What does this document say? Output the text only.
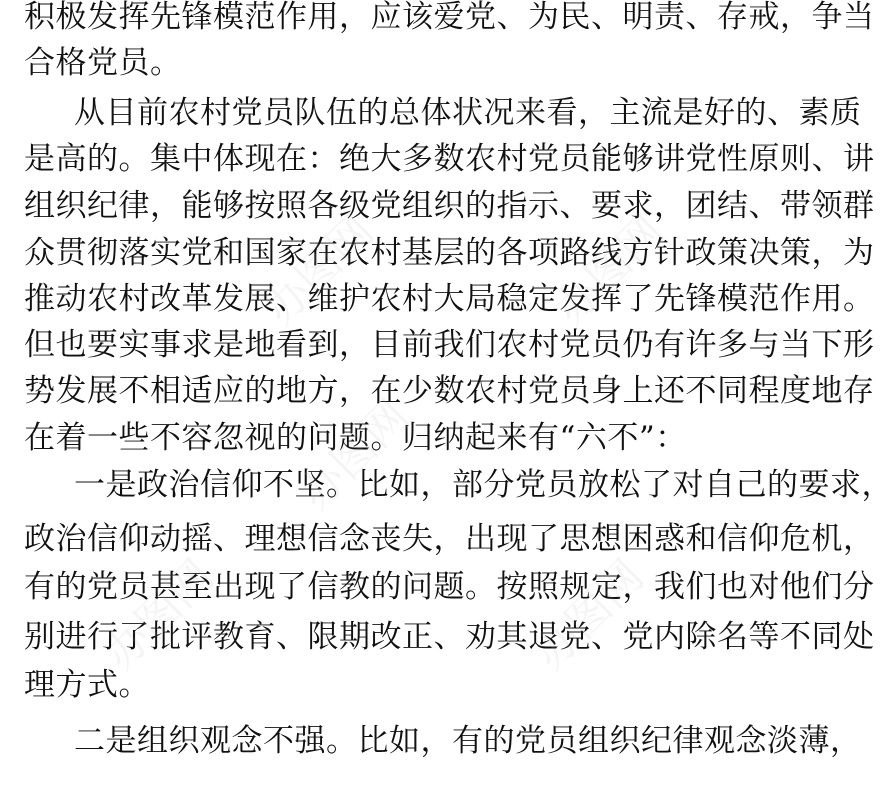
积极发挥先锋模范作用，应该爱党、为民、明责、存戒，争当
合格党员。
从目前农村党员队伍的总体状况来看，主流是好的、素质
是高的。集中体现在：绝大多数农村党员能够讲党性原则、讲
组织纪律，能够按照各级党组织的指示、要求，团结、带领群
众贯彻落实党和国家在农村基层的各项路线方针政策决策，为
推动农村改革发展、维护农村大局稳定发挥了先锋模范作用。
但也要实事求是地看到，目前我们农村党员仍有许多与当下形
势发展不相适应的地方，在少数农村党员身上还不同程度地存
在着一些不容忽视的问题。归纳起来有“六不”：
一是政治信仰不坚。比如，部分党员放松了对自己的要求，
政治信仰动摇、理想信念丧失，出现了思想困惑和信仰危机，
有的党员甚至出现了信教的问题。按照规定，我们也对他们分
别进行了批评教育、限期改正、劝其退党、党内除名等不同处
理方式。
二是组织观念不强。比如，有的党员组织纪律观念淡薄，
办图网	办图网
办图网
办图网
办图网
